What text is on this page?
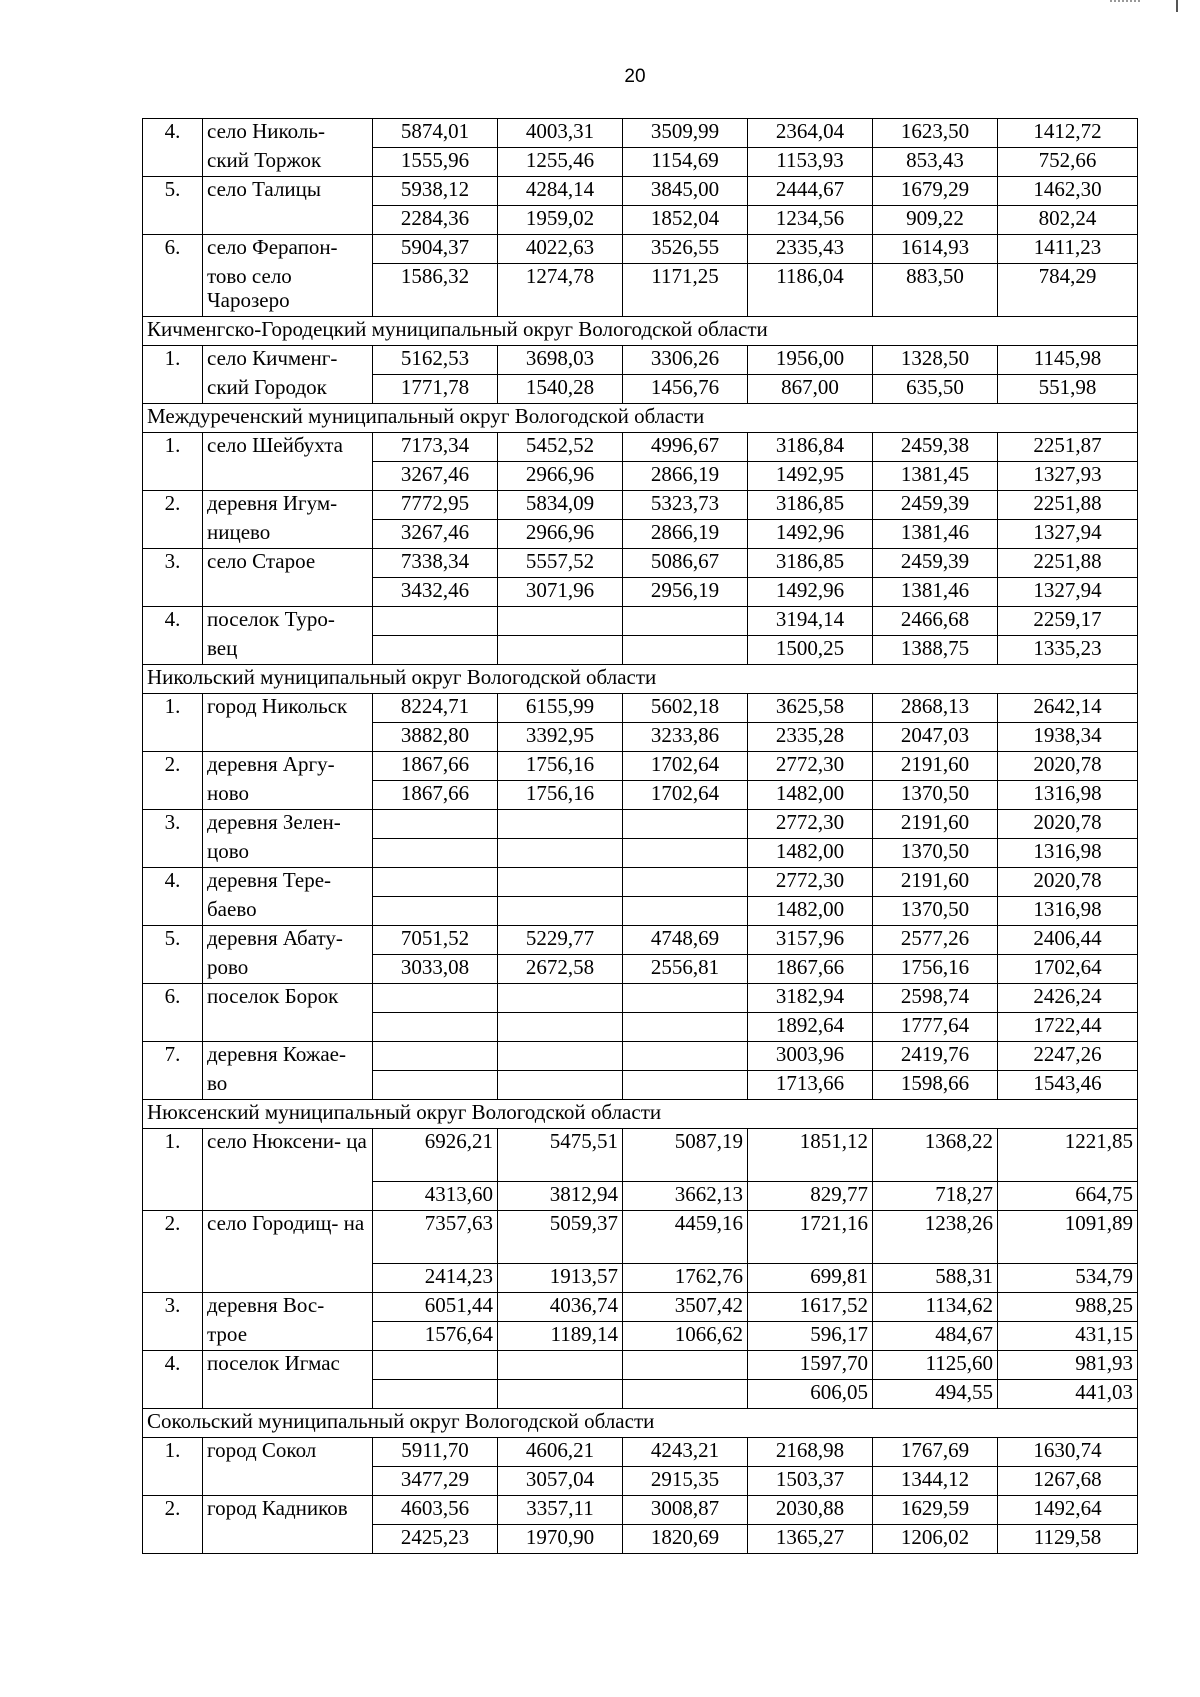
20
4.	село Николь-	5874,01	4003,31	3509,99	2364,04	1623,50	1412,72
	ский Торжок	1555,96	1255,46	1154,69	1153,93	853,43	752,66
5.	село Талицы	5938,12	4284,14	3845,00	2444,67	1679,29	1462,30
		2284,36	1959,02	1852,04	1234,56	909,22	802,24
6.	село Ферапон-	5904,37	4022,63	3526,55	2335,43	1614,93	1411,23
	тово село Чарозеро	1586,32	1274,78	1171,25	1186,04	883,50	784,29
Кичменгско-Городецкий муниципальный округ Вологодской области							
1.	село Кичменг-	5162,53	3698,03	3306,26	1956,00	1328,50	1145,98
	ский Городок	1771,78	1540,28	1456,76	867,00	635,50	551,98
Междуреченский муниципальный округ Вологодской области							
1.	село Шейбухта	7173,34	5452,52	4996,67	3186,84	2459,38	2251,87
		3267,46	2966,96	2866,19	1492,95	1381,45	1327,93
2.	деревня Игум-	7772,95	5834,09	5323,73	3186,85	2459,39	2251,88
	ницево	3267,46	2966,96	2866,19	1492,96	1381,46	1327,94
3.	село Старое	7338,34	5557,52	5086,67	3186,85	2459,39	2251,88
		3432,46	3071,96	2956,19	1492,96	1381,46	1327,94
4.	поселок Туро-				3194,14	2466,68	2259,17
	вец				1500,25	1388,75	1335,23
Никольский муниципальный округ Вологодской области							
1.	город Никольск	8224,71	6155,99	5602,18	3625,58	2868,13	2642,14
		3882,80	3392,95	3233,86	2335,28	2047,03	1938,34
2.	деревня Аргу-	1867,66	1756,16	1702,64	2772,30	2191,60	2020,78
	ново	1867,66	1756,16	1702,64	1482,00	1370,50	1316,98
3.	деревня Зелен-				2772,30	2191,60	2020,78
	цово				1482,00	1370,50	1316,98
4.	деревня Тере-				2772,30	2191,60	2020,78
	баево				1482,00	1370,50	1316,98
5.	деревня Абату-	7051,52	5229,77	4748,69	3157,96	2577,26	2406,44
	рово	3033,08	2672,58	2556,81	1867,66	1756,16	1702,64
6.	поселок Борок				3182,94	2598,74	2426,24
					1892,64	1777,64	1722,44
7.	деревня Кожае-				3003,96	2419,76	2247,26
	во				1713,66	1598,66	1543,46
Нюксенский муниципальный округ Вологодской области							
1.	село Нюксени- ца	6926,21	5475,51	5087,19	1851,12	1368,22	1221,85
		4313,60	3812,94	3662,13	829,77	718,27	664,75
2.	село Городищ- на	7357,63	5059,37	4459,16	1721,16	1238,26	1091,89
		2414,23	1913,57	1762,76	699,81	588,31	534,79
3.	деревня Вос-	6051,44	4036,74	3507,42	1617,52	1134,62	988,25
	трое	1576,64	1189,14	1066,62	596,17	484,67	431,15
4.	поселок Игмас				1597,70	1125,60	981,93
					606,05	494,55	441,03
Сокольский муниципальный округ Вологодской области							
1.	город Сокол	5911,70	4606,21	4243,21	2168,98	1767,69	1630,74
		3477,29	3057,04	2915,35	1503,37	1344,12	1267,68
2.	город Кадников	4603,56	3357,11	3008,87	2030,88	1629,59	1492,64
		2425,23	1970,90	1820,69	1365,27	1206,02	1129,58
